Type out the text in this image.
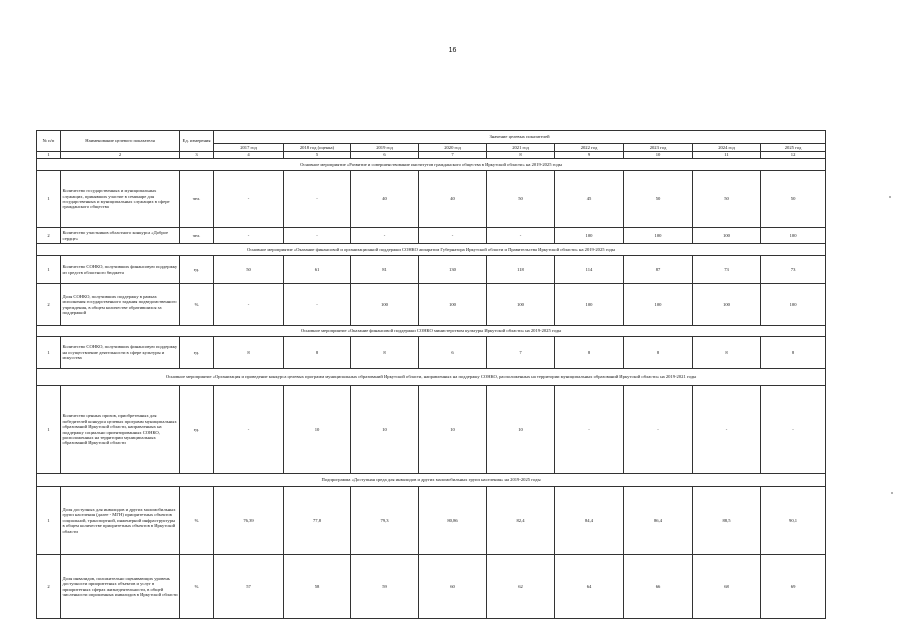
16
№ п/п	Наименование целевого показателя	Ед. измерения	Значение целевых показателей								
			2017 год	2018 год (оценка)	2019 год	2020 год	2021 год	2022 год	2023 год	2024 год	2025 год
1	2	3	4	5	6	7	8	9	10	11	12
Основное мероприятие «Развитие и совершенствование институтов гражданского общества в Иркутской области» на 2019-2025 годы											
1	Количество государственных и муниципальных служащих, принявших участие в семинаре для государственных и муниципальных служащих в сфере гражданского общества	чел.	-	-	40	40	50	45	50	50	50
2	Количество участников областного конкурса «Доброе сердце»	чел.	-	-	-	-	-	100	100	100	100
Основное мероприятие «Оказание финансовой и организационной поддержки СОНКО аппаратом Губернатора Иркутской области и Правительства Иркутской области» на 2019-2025 годы											
1	Количество СОНКО, получивших финансовую поддержку из средств областного бюджета	ед.	50	61	81	130	118	114	87	73	73
2	Доля СОНКО, получивших поддержку в рамках исполнения государственного задания подведомственного учреждения, в общем количестве обратившихся за поддержкой	%	-	-	100	100	100	100	100	100	100
Основное мероприятие «Оказание финансовой поддержки СОНКО министерством культуры Иркутской области» на 2019-2025 годы											
1	Количество СОНКО, получивших финансовую поддержку на осуществление деятельности в сфере культуры и искусства	ед.	8	8	8	6	7	8	8	8	8
Основное мероприятие «Организация и проведение конкурса целевых программ муниципальных образований Иркутской области, направленных на поддержку СОНКО, расположенных на территории муниципальных образований Иркутской области» на 2019-2021 годы											
1	Количество ценных призов, приобретенных для победителей конкурса целевых программ муниципальных образований Иркутской области, направленных на поддержку социально ориентированных СОНКО, расположенных на территории муниципальных образований Иркутской области	ед.	-	10	10	10	10	-	-	-	-
Подпрограмма «Доступная среда для инвалидов и других маломобильных групп населения» на 2019-2025 годы											
1	Доля доступных для инвалидов и других маломобильных групп населения (далее - МГН) приоритетных объектов социальной, транспортной, инженерной инфраструктуры в общем количестве приоритетных объектов в Иркутской области	%	76,39	77,8	79,3	80,86	82,4	84,4	86,4	88,5	90,1
2	Доля инвалидов, положительно оценивающих уровень доступности приоритетных объектов и услуг в приоритетных сферах жизнедеятельности, в общей численности опрошенных инвалидов в Иркутской области	%	57	58	59	60	62	64	66	68	69
